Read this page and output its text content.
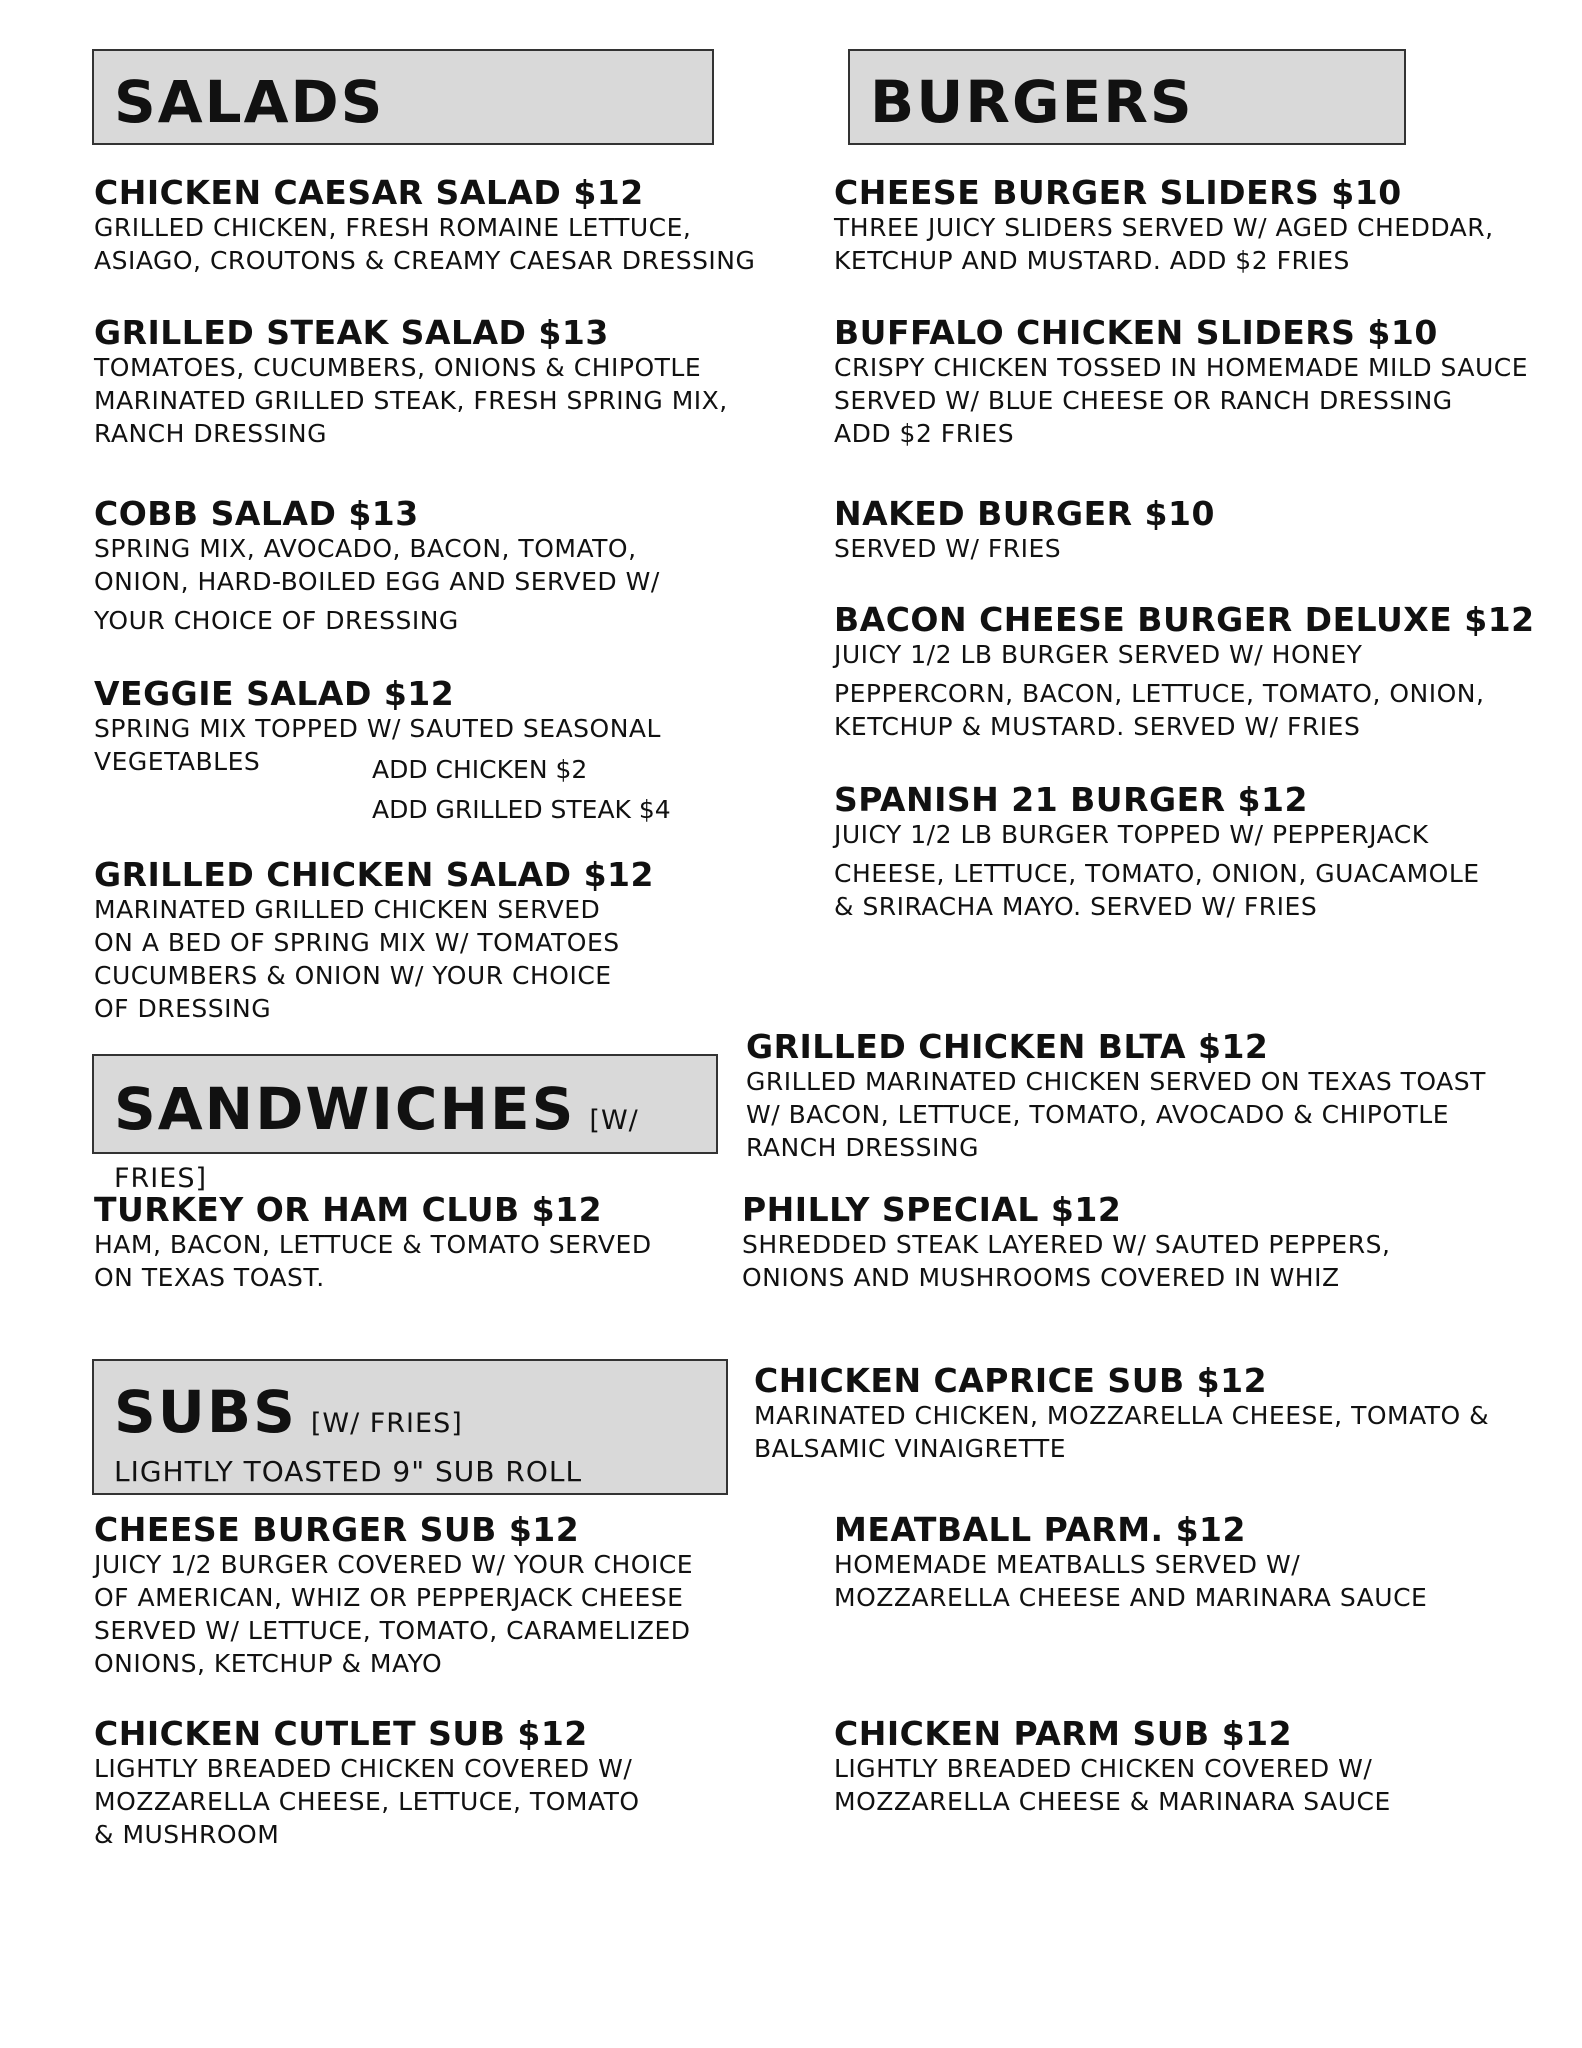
SALADS	BURGERS
CHICKEN CAESAR SALAD $12
GRILLED CHICKEN, FRESH ROMAINE LETTUCE,
ASIAGO, CROUTONS & CREAMY CAESAR DRESSING
GRILLED STEAK SALAD $13
TOMATOES, CUCUMBERS, ONIONS & CHIPOTLE
MARINATED GRILLED STEAK, FRESH SPRING MIX,
RANCH DRESSING
COBB SALAD $13
SPRING MIX, AVOCADO, BACON, TOMATO,
ONION, HARD-BOILED EGG AND SERVED W/
YOUR CHOICE OF DRESSING
VEGGIE SALAD $12
SPRING MIX TOPPED W/ SAUTED SEASONAL
VEGETABLES	ADD CHICKEN $2
ADD GRILLED STEAK $4
GRILLED CHICKEN SALAD $12
MARINATED GRILLED CHICKEN SERVED
ON A BED OF SPRING MIX W/ TOMATOES
CUCUMBERS & ONION W/ YOUR CHOICE
OF DRESSING
CHEESE BURGER SLIDERS $10
THREE JUICY SLIDERS SERVED W/ AGED CHEDDAR,
KETCHUP AND MUSTARD. ADD $2 FRIES
BUFFALO CHICKEN SLIDERS $10
CRISPY CHICKEN TOSSED IN HOMEMADE MILD SAUCE
SERVED W/ BLUE CHEESE OR RANCH DRESSING
ADD $2 FRIES
NAKED BURGER $10
SERVED W/ FRIES
BACON CHEESE BURGER DELUXE $12
JUICY 1/2 LB BURGER SERVED W/ HONEY
PEPPERCORN, BACON, LETTUCE, TOMATO, ONION,
KETCHUP & MUSTARD. SERVED W/ FRIES
SPANISH 21 BURGER $12
JUICY 1/2 LB BURGER TOPPED W/ PEPPERJACK
CHEESE, LETTUCE, TOMATO, ONION, GUACAMOLE
& SRIRACHA MAYO. SERVED W/ FRIES
SANDWICHES [W/ FRIES]
GRILLED CHICKEN BLTA $12
GRILLED MARINATED CHICKEN SERVED ON TEXAS TOAST
W/ BACON, LETTUCE, TOMATO, AVOCADO & CHIPOTLE
RANCH DRESSING
TURKEY OR HAM CLUB $12
HAM, BACON, LETTUCE & TOMATO SERVED
ON TEXAS TOAST.
PHILLY SPECIAL $12
SHREDDED STEAK LAYERED W/ SAUTED PEPPERS,
ONIONS AND MUSHROOMS COVERED IN WHIZ
SUBS [W/ FRIES]
LIGHTLY TOASTED 9" SUB ROLL
CHICKEN CAPRICE SUB $12
MARINATED CHICKEN, MOZZARELLA CHEESE, TOMATO &
BALSAMIC VINAIGRETTE
CHEESE BURGER SUB $12
JUICY 1/2 BURGER COVERED W/ YOUR CHOICE
OF AMERICAN, WHIZ OR PEPPERJACK CHEESE
SERVED W/ LETTUCE, TOMATO, CARAMELIZED
ONIONS, KETCHUP & MAYO
MEATBALL PARM. $12
HOMEMADE MEATBALLS SERVED W/
MOZZARELLA CHEESE AND MARINARA SAUCE
CHICKEN CUTLET SUB $12
LIGHTLY BREADED CHICKEN COVERED W/
MOZZARELLA CHEESE, LETTUCE, TOMATO
& MUSHROOM
CHICKEN PARM SUB $12
LIGHTLY BREADED CHICKEN COVERED W/
MOZZARELLA CHEESE & MARINARA SAUCE
